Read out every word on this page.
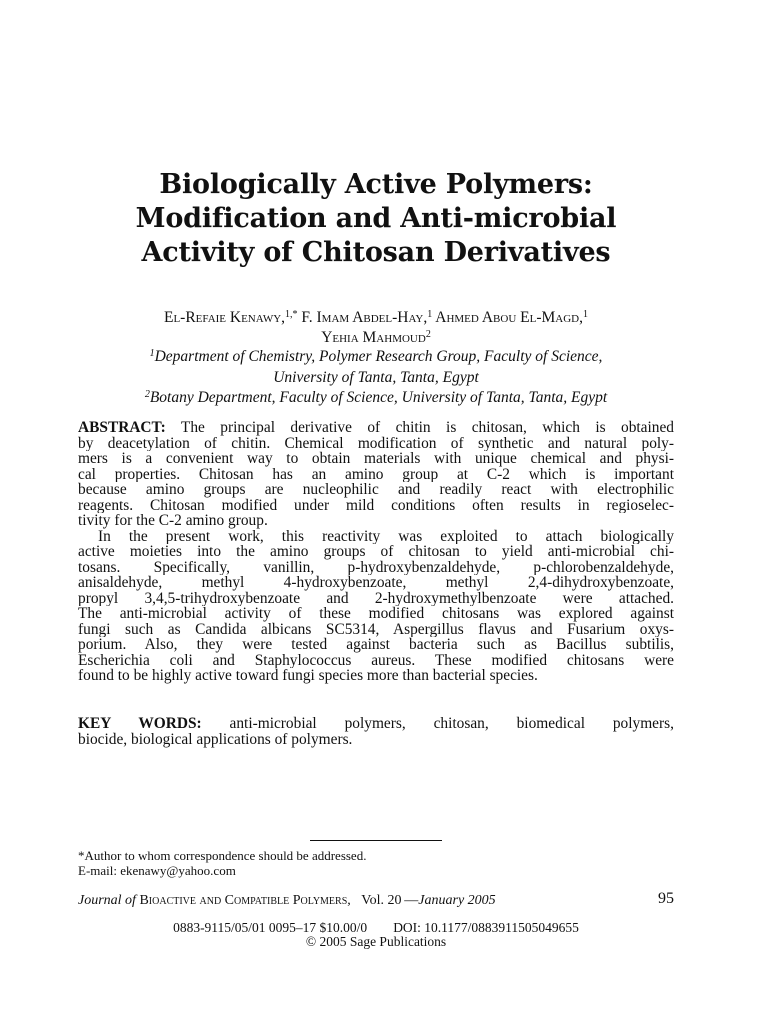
Biologically Active Polymers:
Modification and Anti-microbial
Activity of Chitosan Derivatives
El-Refaie Kenawy,$^{1,*}$ F. Imam Abdel-Hay,$^1$ Ahmed Abou El-Magd,$^1$
Yehia Mahmoud$^2$
$^1$Department of Chemistry, Polymer Research Group, Faculty of Science,
University of Tanta, Tanta, Egypt
$^2$Botany Department, Faculty of Science, University of Tanta, Tanta, Egypt
ABSTRACT: The principal derivative of chitin is chitosan, which is obtained
by deacetylation of chitin. Chemical modification of synthetic and natural poly-
mers is a convenient way to obtain materials with unique chemical and physi-
cal properties. Chitosan has an amino group at C-2 which is important
because amino groups are nucleophilic and readily react with electrophilic
reagents. Chitosan modified under mild conditions often results in regioselec-
tivity for the C-2 amino group.
In the present work, this reactivity was exploited to attach biologically
active moieties into the amino groups of chitosan to yield anti-microbial chi-
tosans. Specifically, vanillin, p-hydroxybenzaldehyde, p-chlorobenzaldehyde,
anisaldehyde, methyl 4-hydroxybenzoate, methyl 2,4-dihydroxybenzoate,
propyl 3,4,5-trihydroxybenzoate and 2-hydroxymethylbenzoate were attached.
The anti-microbial activity of these modified chitosans was explored against
fungi such as Candida albicans SC5314, Aspergillus flavus and Fusarium oxys-
porium. Also, they were tested against bacteria such as Bacillus subtilis,
Escherichia coli and Staphylococcus aureus. These modified chitosans were
found to be highly active toward fungi species more than bacterial species.
KEY WORDS: anti-microbial polymers, chitosan, biomedical polymers,
biocide, biological applications of polymers.
*Author to whom correspondence should be addressed.
E-mail: ekenawy@yahoo.com
Journal of Bioactive and Compatible Polymers, Vol. 20 —January 2005	95
0883-9115/05/01 0095–17 $10.00/0 DOI: 10.1177/0883911505049655
© 2005 Sage Publications
